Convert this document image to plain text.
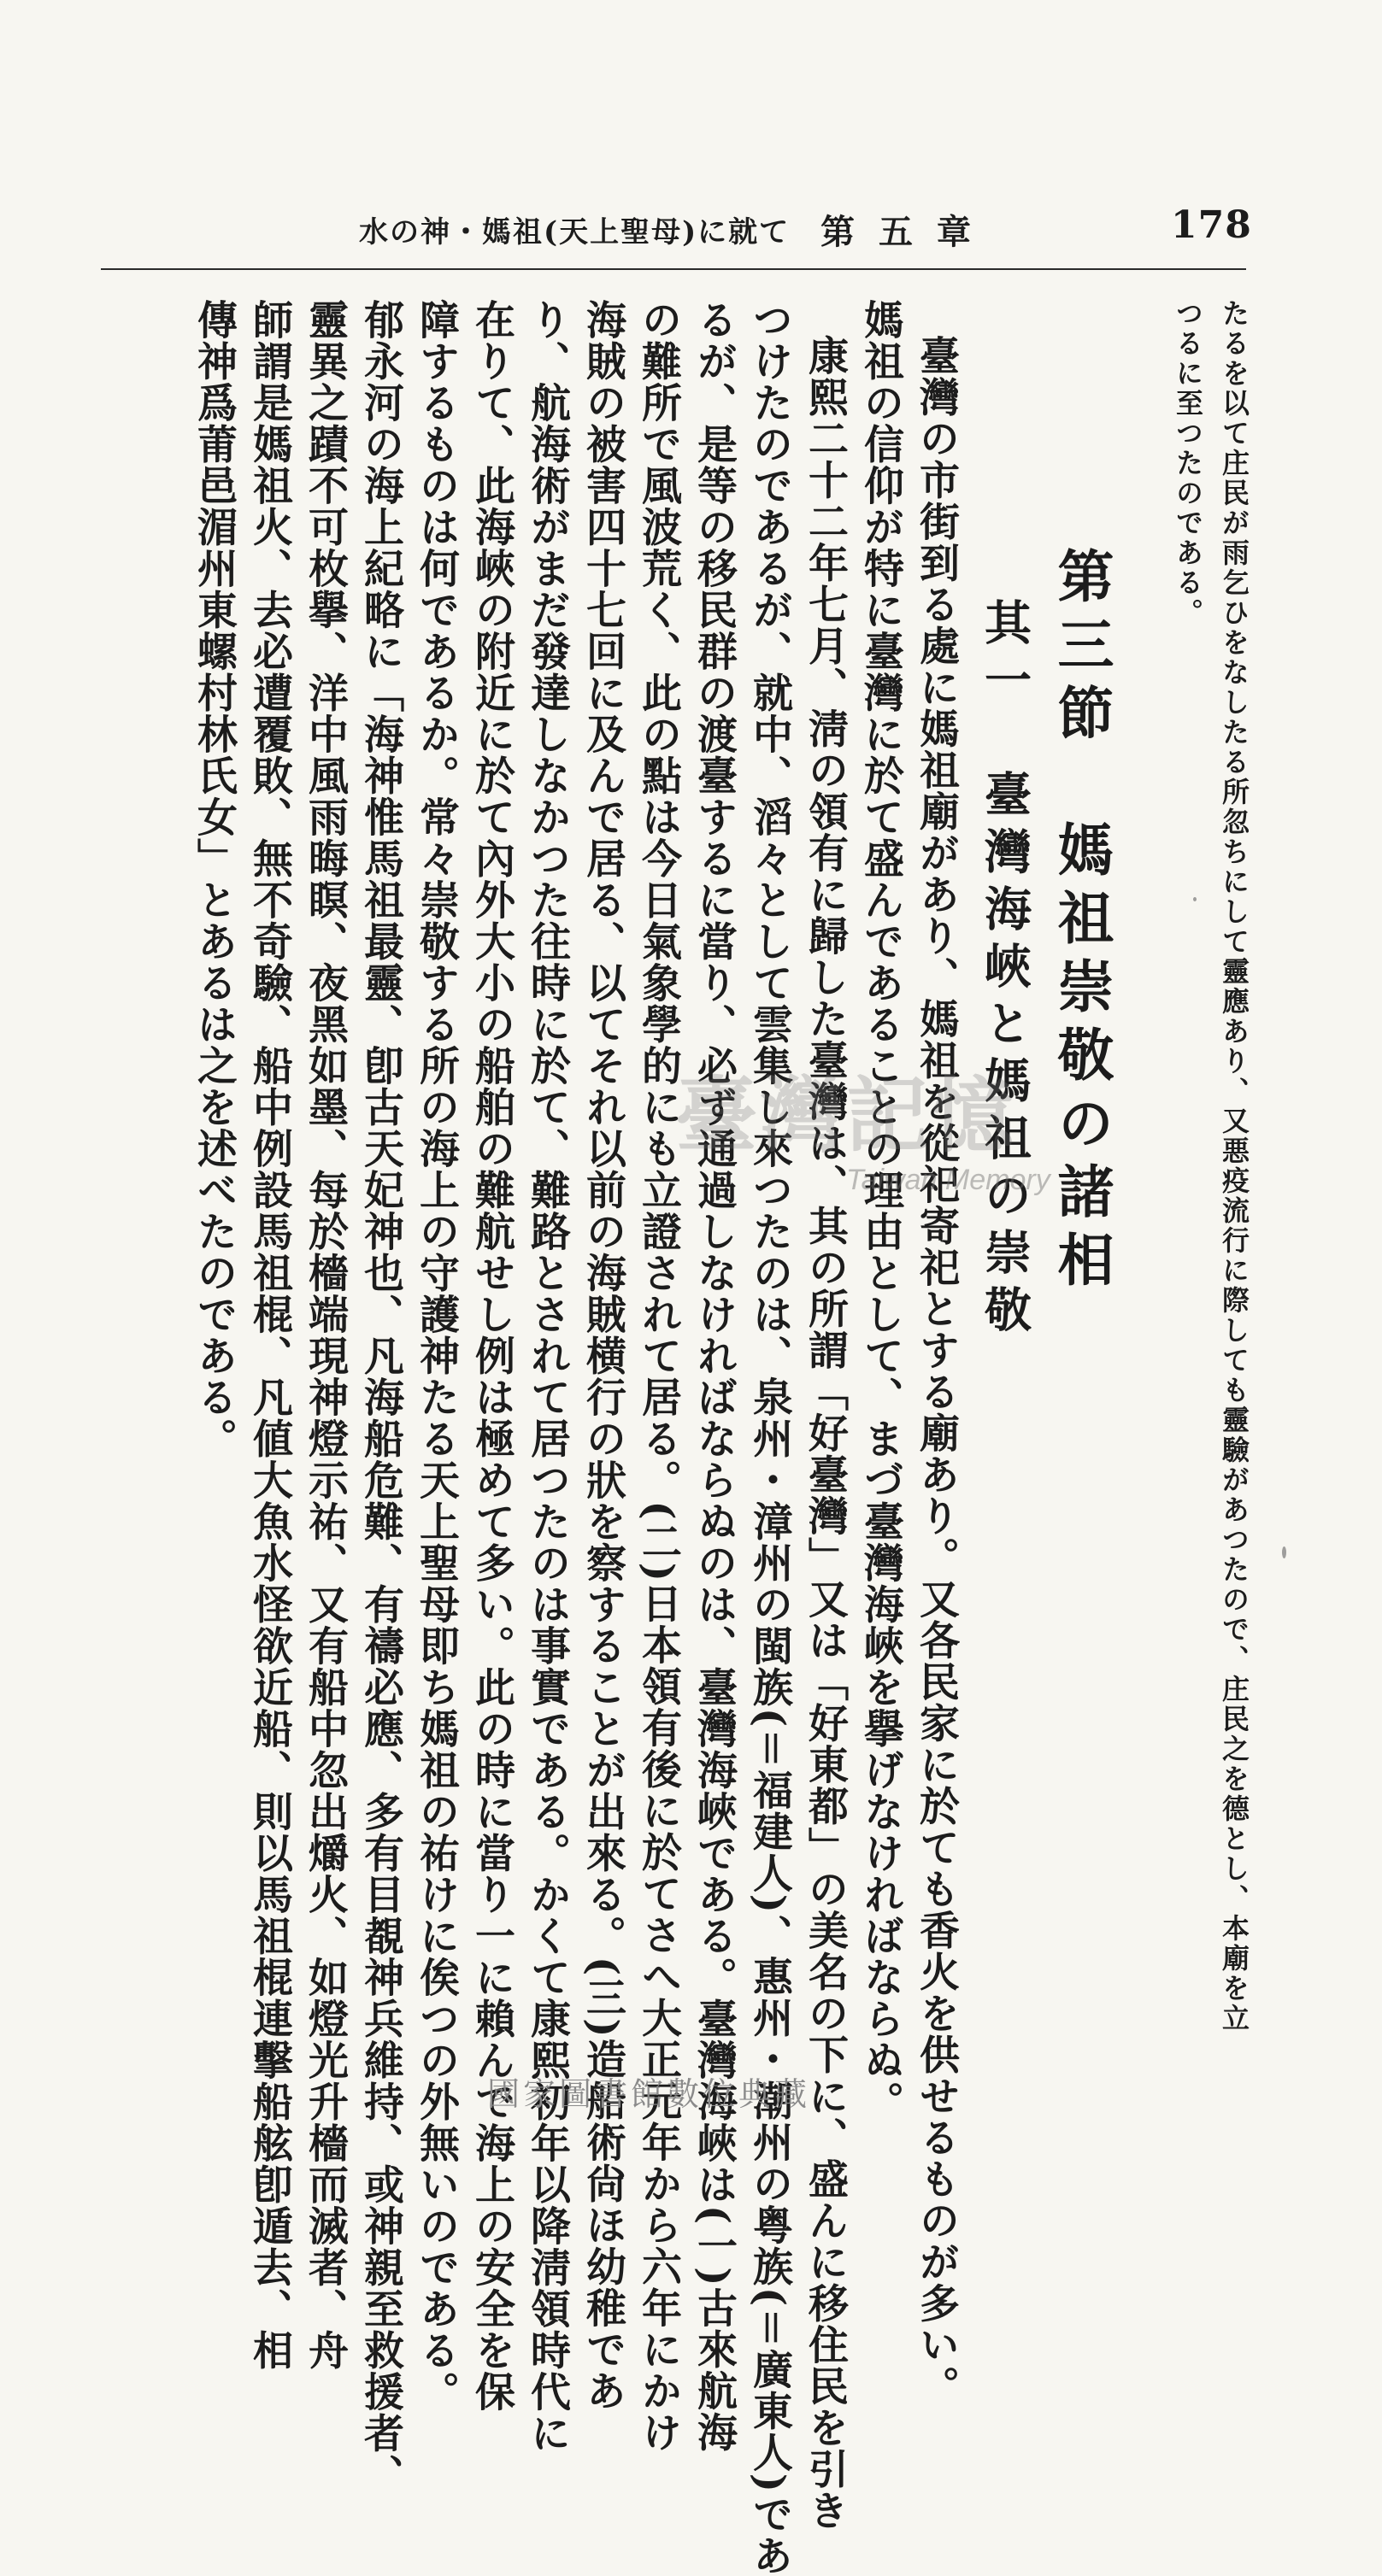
178
第五章
水の神・媽祖(天上聖母)に就て
たるを以て庄民が雨乞ひをなしたる所忽ちにして靈應あり、又悪疫流行に際しても靈驗があつたので、庄民之を德とし、本廟を立
つるに至つたのである。
第三節　媽祖崇敬の諸相
其一　臺灣海峽と媽祖の崇敬
臺灣の市街到る處に媽祖廟があり、媽祖を從祀寄祀とする廟あり。又各民家に於ても香火を供せるものが多い。
媽祖の信仰が特に臺灣に於て盛んであることの理由として、まづ臺灣海峽を擧げなければならぬ。
康熙二十二年七月、淸の領有に歸した臺灣は、其の所謂「好臺灣」又は「好東都」の美名の下に、盛んに移住民を引き
つけたのであるが、就中、滔々として雲集し來つたのは、泉州・漳州の閩族(＝福建人)、惠州・潮州の粤族(＝廣東人)であ
るが、是等の移民群の渡臺するに當り、必ず通過しなければならぬのは、臺灣海峽である。臺灣海峽は(一)古來航海
の難所で風波荒く、此の點は今日氣象學的にも立證されて居る。(二)日本領有後に於てさへ大正元年から六年にかけ
海賊の被害四十七回に及んで居る、以てそれ以前の海賊横行の狀を察することが出來る。(三)造船術尙ほ幼稚であ
り、航海術がまだ發達しなかつた往時に於て、難路とされて居つたのは事實である。かくて康熙初年以降淸領時代に
在りて、此海峽の附近に於て內外大小の船舶の難航せし例は極めて多い。此の時に當り一に賴んで海上の安全を保
障するものは何であるか。常々崇敬する所の海上の守護神たる天上聖母即ち媽祖の祐けに俟つの外無いのである。
郁永河の海上紀略に「海神惟馬祖最靈、卽古天妃神也、凡海船危難、有禱必應、多有目覩神兵維持、或神親至救援者、
靈異之蹟不可枚擧、洋中風雨晦瞑、夜黑如墨、每於檣端現神燈示祐、又有船中忽出爝火、如燈光升檣而滅者、舟
師謂是媽祖火、去必遭覆敗、無不奇驗、船中例設馬祖棍、凡値大魚水怪欲近船、則以馬祖棍連擊船舷卽遁去、相
傳神爲莆邑湄州東螺村林氏女」とあるは之を述べたのである。	臺灣記憶
Taiwan Memory
國家圖書館數位典藏
